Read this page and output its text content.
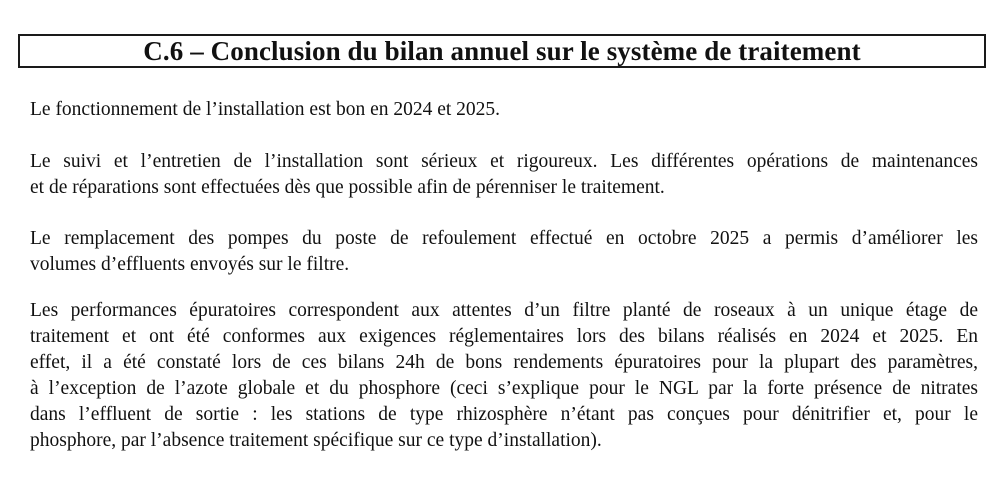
C.6 – Conclusion du bilan annuel sur le système de traitement
Le fonctionnement de l’installation est bon en 2024 et 2025.
Le suivi et l’entretien de l’installation sont sérieux et rigoureux. Les différentes opérations de maintenances
et de réparations sont effectuées dès que possible afin de pérenniser le traitement.
Le remplacement des pompes du poste de refoulement effectué en octobre 2025 a permis d’améliorer les
volumes d’effluents envoyés sur le filtre.
Les performances épuratoires correspondent aux attentes d’un filtre planté de roseaux à un unique étage de
traitement et ont été conformes aux exigences réglementaires lors des bilans réalisés en 2024 et 2025. En
effet, il a été constaté lors de ces bilans 24h de bons rendements épuratoires pour la plupart des paramètres,
à l’exception de l’azote globale et du phosphore (ceci s’explique pour le NGL par la forte présence de nitrates
dans l’effluent de sortie : les stations de type rhizosphère n’étant pas conçues pour dénitrifier et, pour le
phosphore, par l’absence traitement spécifique sur ce type d’installation).
